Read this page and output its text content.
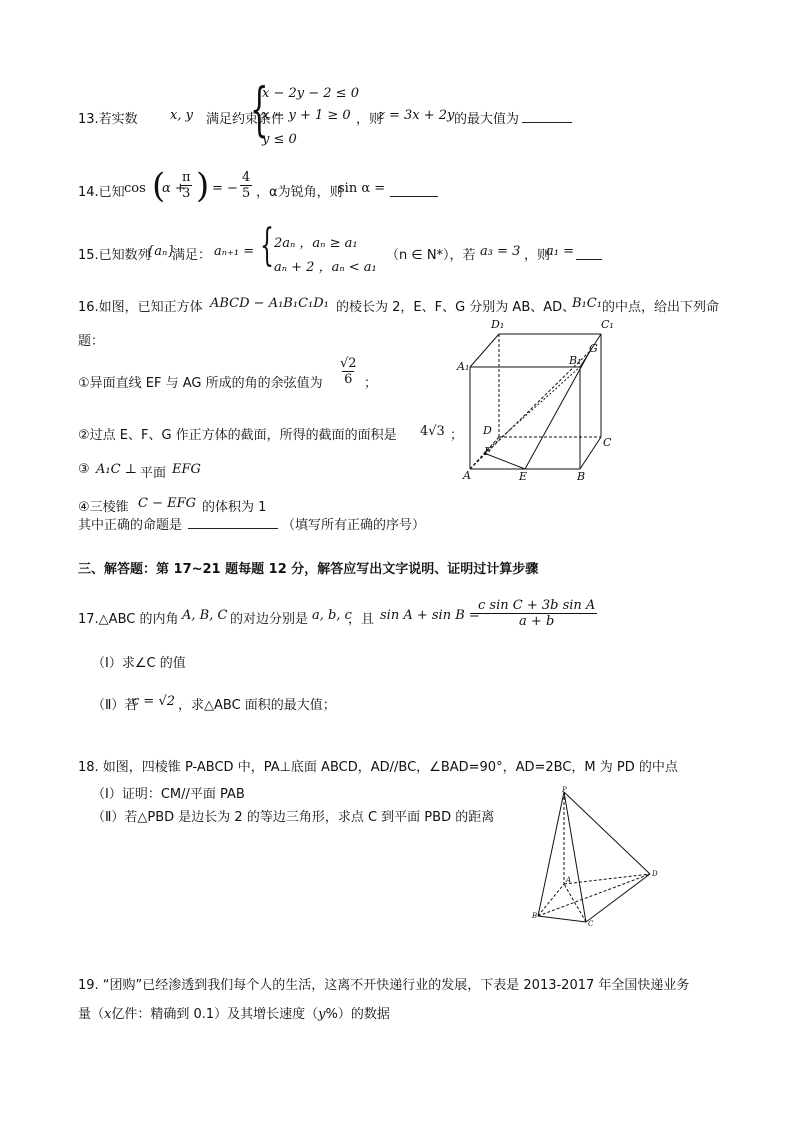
13.若实数 x, y 满足约束条件
{
x − 2y − 2 ≤ 0
x − y + 1 ≥ 0
y ≤ 0
，则
z = 3x + 2y 的最大值为
14.已知 cos (
α +
$\frac{\pi}{3}$ ) = − $\frac{4}{5}$ ，α为锐角，则
sin α =
15.已知数列
{aₙ}
满足： aₙ₊₁ = { 2aₙ ，aₙ ≥ a₁
aₙ + 2 ，aₙ < a₁
（n ∈ N*），若 a₃ = 3 ，则
a₁ =
16.如图，已知正方体 ABCD − A₁B₁C₁D₁ 的棱长为 2，E、F、G 分别为 AB、AD、
B₁C₁ 的中点，给出下列命
题：
①异面直线 EF 与 AG 所成的角的余弦值为 $\frac{√2}{6}$ ；
②过点 E、F、G 作正方体的截面，所得的截面的面积是 4√3 ；
③ A₁C ⊥ 平面 EFG
④三棱锥 C − EFG 的体积为 1
其中正确的命题是	（填写所有正确的序号）
D₁	C₁
A₁	B₁
G
D
C
F
A	E	B
三、解答题：第 17~21 题每题 12 分，解答应写出文字说明、证明过计算步骤
17.△ABC 的内角 A, B, C 的对边分别是 a, b, c
，且 sin A + sin B =
$\frac{\text{c sin C + 3b sin A}}{a + b}$
（Ⅰ）求∠C 的值
（Ⅱ）若
c = √2 ，求△ABC 面积的最大值；
18. 如图，四棱锥 P-ABCD 中，PA⊥底面 ABCD，AD//BC，∠BAD=90°，AD=2BC，M 为 PD 的中点
（Ⅰ）证明：CM//平面 PAB
（Ⅱ）若△PBD 是边长为 2 的等边三角形，求点 C 到平面 PBD 的距离
P
A
B
C
D
19. “团购”已经渗透到我们每个人的生活，这离不开快递行业的发展，下表是 2013-2017 年全国快递业务
量（x亿件：精确到 0.1）及其增长速度（y%）的数据
